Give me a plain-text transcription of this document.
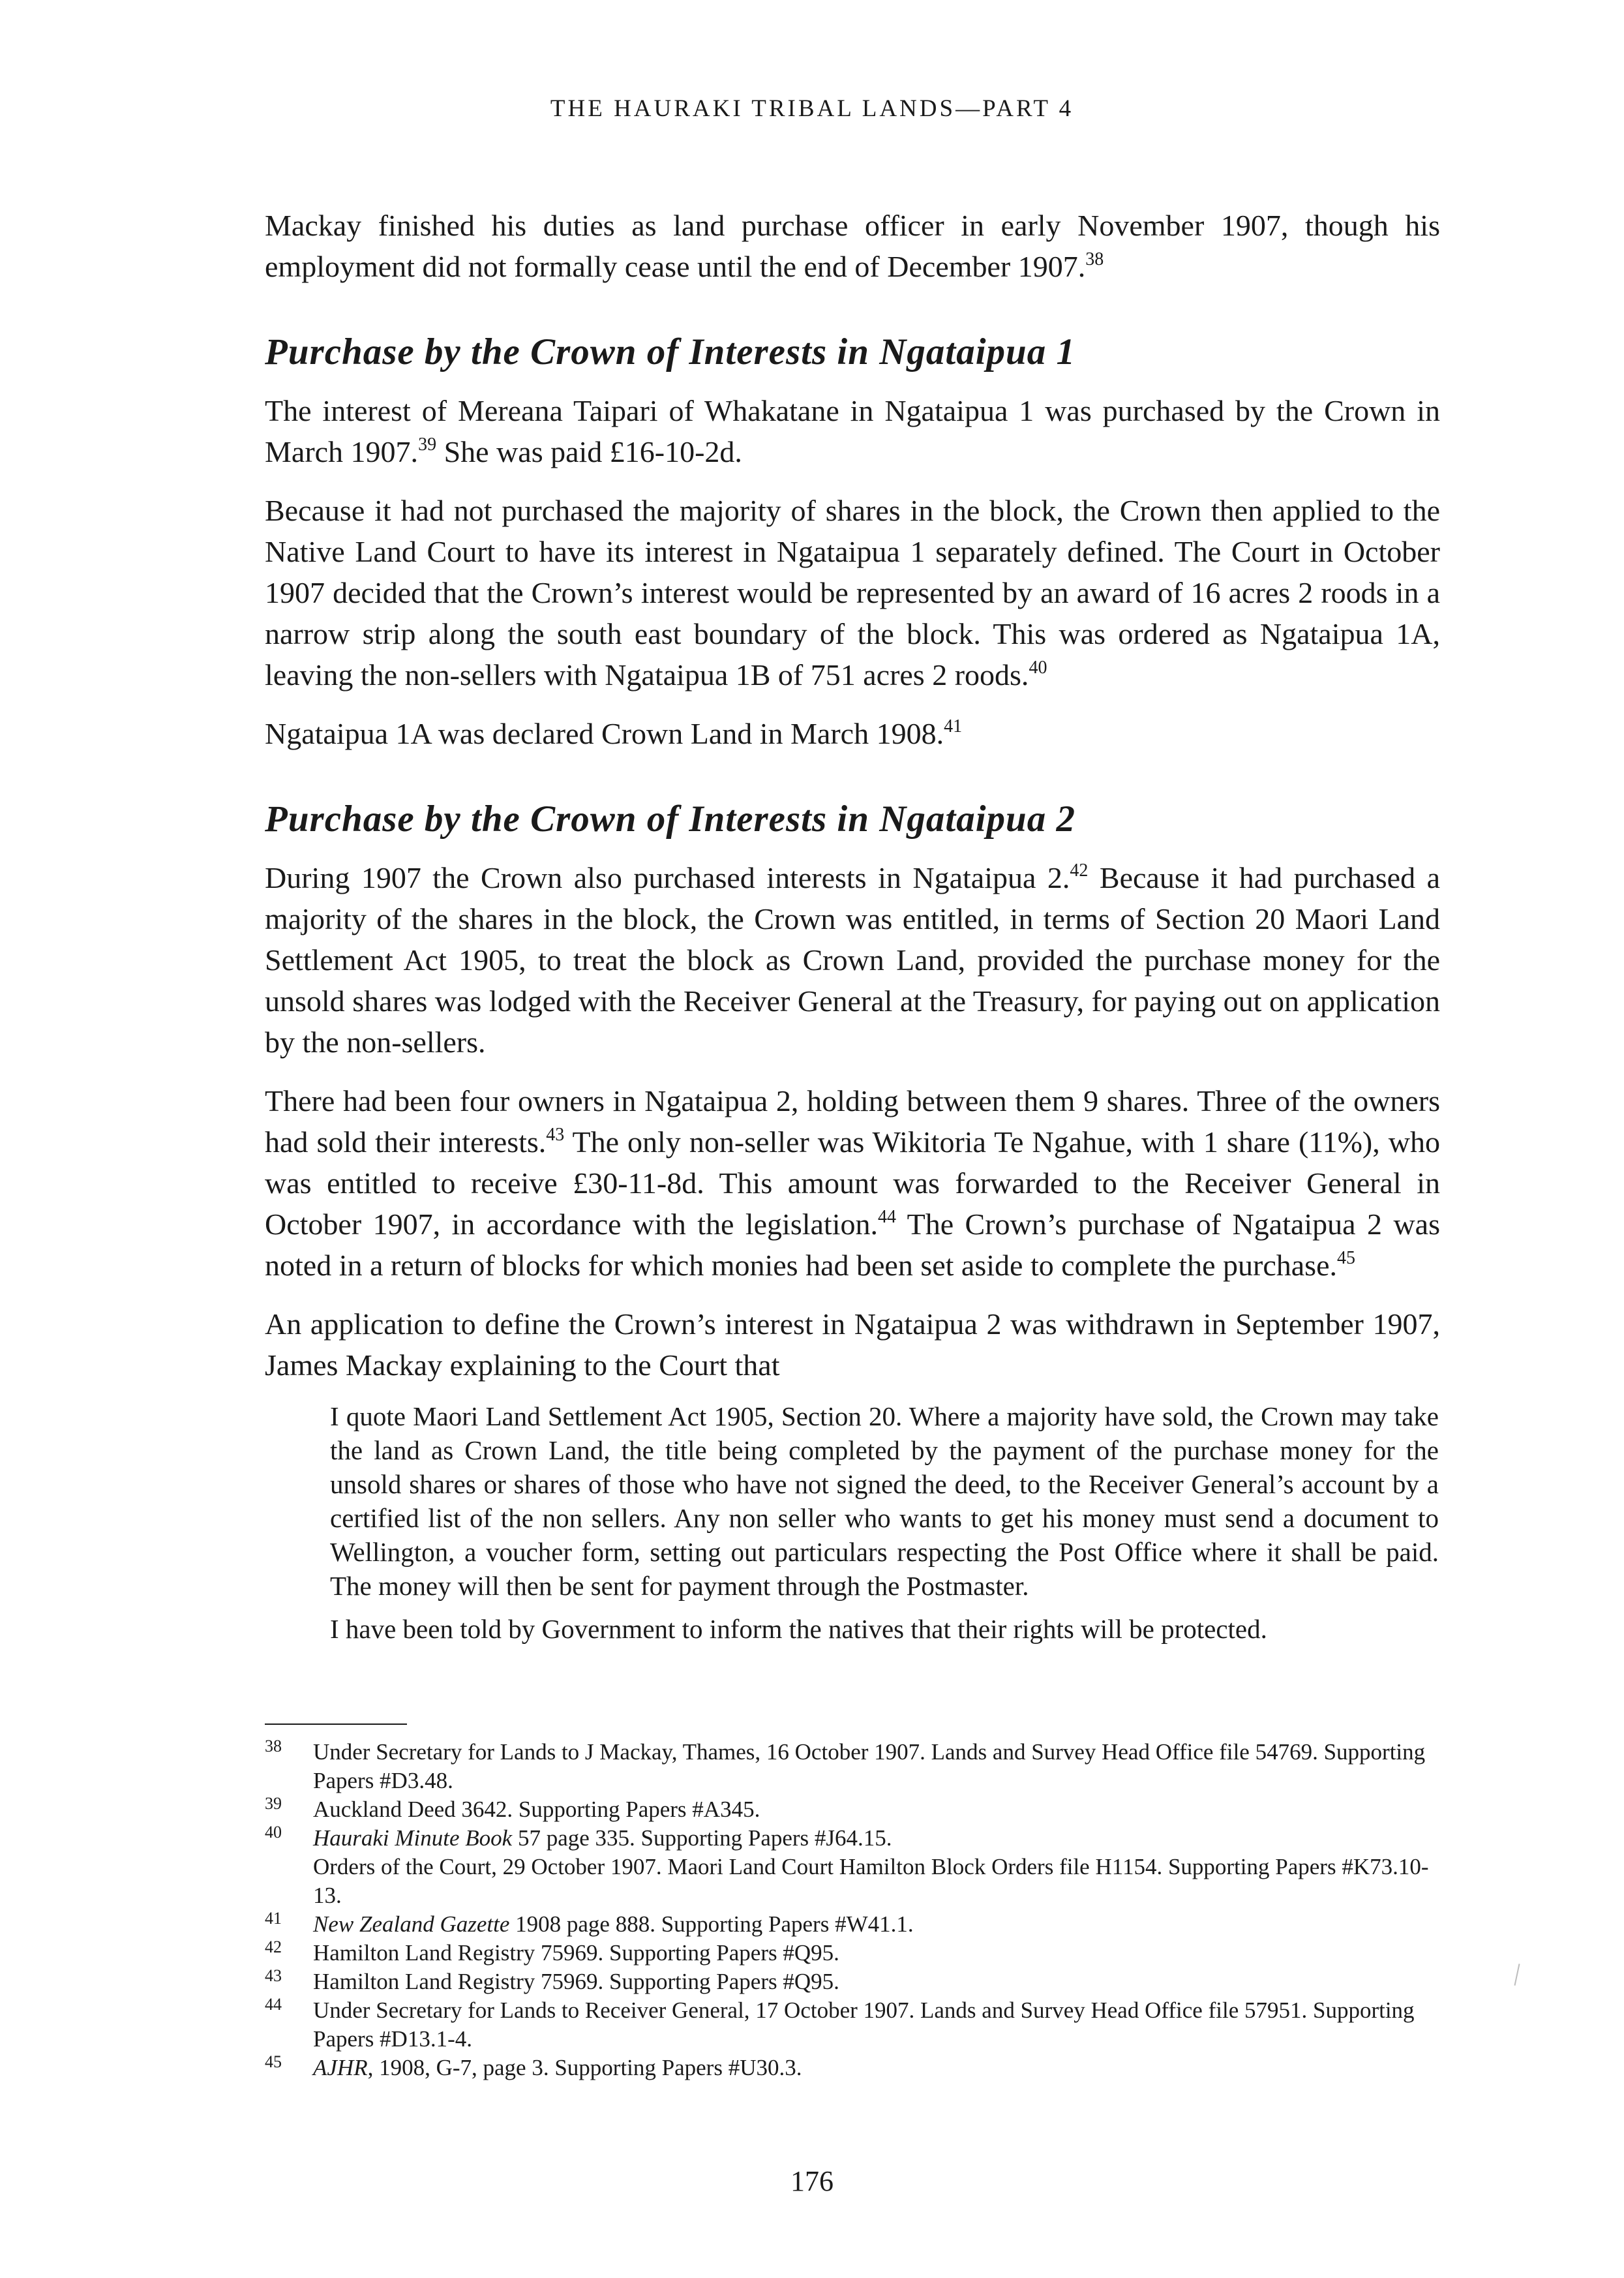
THE HAURAKI TRIBAL LANDS—PART 4

Mackay finished his duties as land purchase officer in early November 1907, though his employment did not formally cease until the end of December 1907.38

Purchase by the Crown of Interests in Ngataipua 1

The interest of Mereana Taipari of Whakatane in Ngataipua 1 was purchased by the Crown in March 1907.39 She was paid £16-10-2d.

Because it had not purchased the majority of shares in the block, the Crown then applied to the Native Land Court to have its interest in Ngataipua 1 separately defined. The Court in October 1907 decided that the Crown’s interest would be represented by an award of 16 acres 2 roods in a narrow strip along the south east boundary of the block. This was ordered as Ngataipua 1A, leaving the non-sellers with Ngataipua 1B of 751 acres 2 roods.$^{40}$

Ngataipua 1A was declared Crown Land in March 1908.41

Purchase by the Crown of Interests in Ngataipua 2

During 1907 the Crown also purchased interests in Ngataipua 2.42 Because it had purchased a majority of the shares in the block, the Crown was entitled, in terms of Section 20 Maori Land Settlement Act 1905, to treat the block as Crown Land, provided the purchase money for the unsold shares was lodged with the Receiver General at the Treasury, for paying out on application by the non-sellers.

There had been four owners in Ngataipua 2, holding between them 9 shares. Three of the owners had sold their interests.$^{43}$ The only non-seller was Wikitoria Te Ngahue, with 1 share (11%), who was entitled to receive £30-11-8d. This amount was forwarded to the Receiver General in October 1907, in accordance with the legislation.$^{44}$ The Crown’s purchase of Ngataipua 2 was noted in a return of blocks for which monies had been set aside to complete the purchase.$^{45}$

An application to define the Crown’s interest in Ngataipua 2 was withdrawn in September 1907, James Mackay explaining to the Court that

I quote Maori Land Settlement Act 1905, Section 20. Where a majority have sold, the Crown may take the land as Crown Land, the title being completed by the payment of the purchase money for the unsold shares or shares of those who have not signed the deed, to the Receiver General’s account by a certified list of the non sellers. Any non seller who wants to get his money must send a document to Wellington, a voucher form, setting out particulars respecting the Post Office where it shall be paid. The money will then be sent for payment through the Postmaster.

I have been told by Government to inform the natives that their rights will be protected.

38 Under Secretary for Lands to J Mackay, Thames, 16 October 1907. Lands and Survey Head Office file 54769. Supporting Papers #D3.48.
39 Auckland Deed 3642. Supporting Papers #A345.
40 Hauraki Minute Book 57 page 335. Supporting Papers #J64.15.
Orders of the Court, 29 October 1907. Maori Land Court Hamilton Block Orders file H1154. Supporting Papers #K73.10-13.
41 New Zealand Gazette 1908 page 888. Supporting Papers #W41.1.
42 Hamilton Land Registry 75969. Supporting Papers #Q95.
43 Hamilton Land Registry 75969. Supporting Papers #Q95.
44 Under Secretary for Lands to Receiver General, 17 October 1907. Lands and Survey Head Office file 57951. Supporting Papers #D13.1-4.
45 AJHR, 1908, G-7, page 3. Supporting Papers #U30.3.
176
